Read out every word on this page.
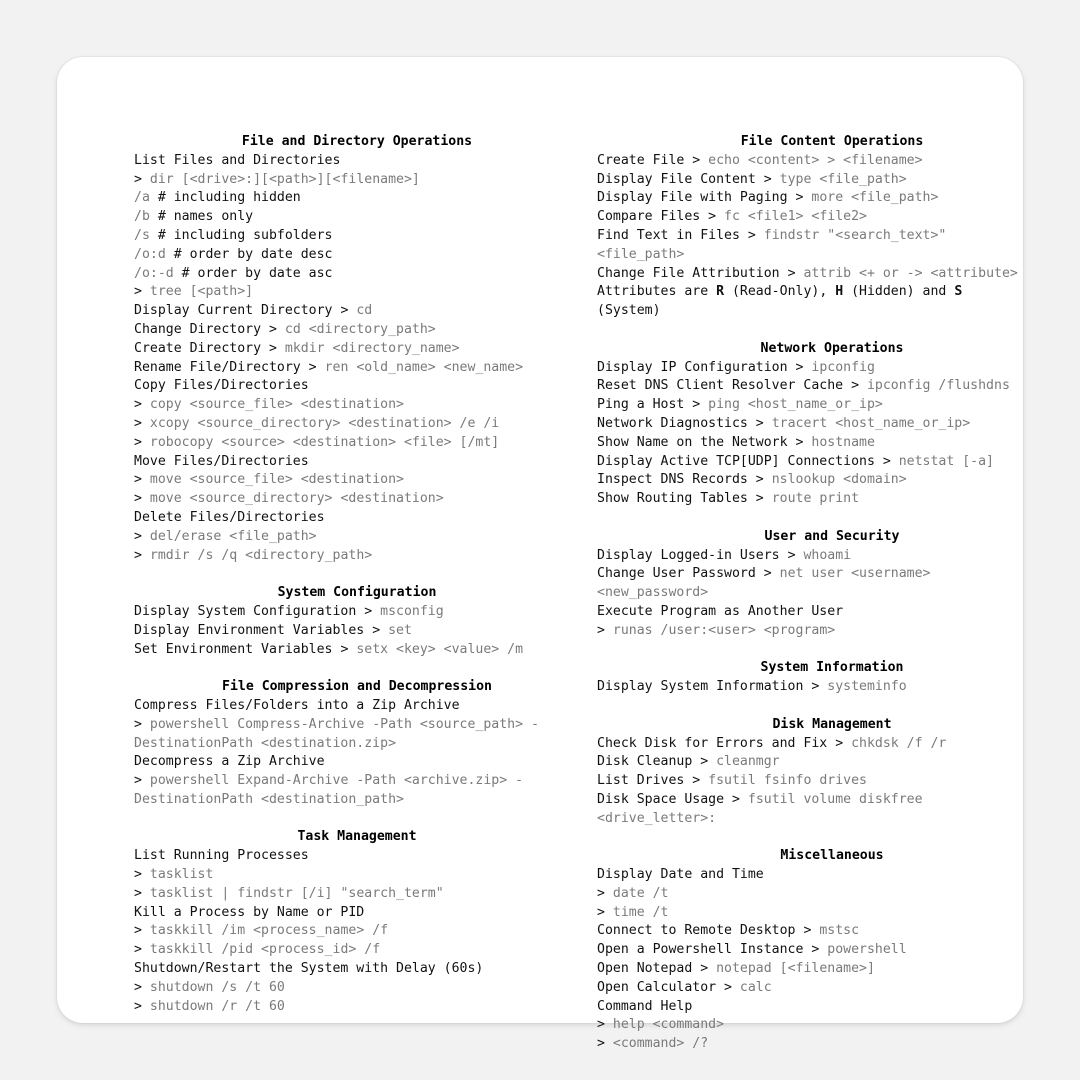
File and Directory Operations
List Files and Directories
> dir [<drive>:][<path>][<filename>]
/a # including hidden
/b # names only
/s # including subfolders
/o:d # order by date desc
/o:-d # order by date asc
> tree [<path>]
Display Current Directory > cd
Change Directory > cd <directory_path>
Create Directory > mkdir <directory_name>
Rename File/Directory > ren <old_name> <new_name>
Copy Files/Directories
> copy <source_file> <destination>
> xcopy <source_directory> <destination> /e /i
> robocopy <source> <destination> <file> [/mt]
Move Files/Directories
> move <source_file> <destination>
> move <source_directory> <destination>
Delete Files/Directories
> del/erase <file_path>
> rmdir /s /q <directory_path>
System Configuration
Display System Configuration > msconfig
Display Environment Variables > set
Set Environment Variables > setx <key> <value> /m
File Compression and Decompression
Compress Files/Folders into a Zip Archive
> powershell Compress-Archive -Path <source_path> -
DestinationPath <destination.zip>
Decompress a Zip Archive
> powershell Expand-Archive -Path <archive.zip> -
DestinationPath <destination_path>
Task Management
List Running Processes
> tasklist
> tasklist | findstr [/i] "search_term"
Kill a Process by Name or PID
> taskkill /im <process_name> /f
> taskkill /pid <process_id> /f
Shutdown/Restart the System with Delay (60s)
> shutdown /s /t 60
> shutdown /r /t 60
File Content Operations
Create File > echo <content> > <filename>
Display File Content > type <file_path>
Display File with Paging > more <file_path>
Compare Files > fc <file1> <file2>
Find Text in Files > findstr "<search_text>"
<file_path>
Change File Attribution > attrib <+ or -> <attribute>
Attributes are R (Read-Only), H (Hidden) and S
(System)
Network Operations
Display IP Configuration > ipconfig
Reset DNS Client Resolver Cache > ipconfig /flushdns
Ping a Host > ping <host_name_or_ip>
Network Diagnostics > tracert <host_name_or_ip>
Show Name on the Network > hostname
Display Active TCP[UDP] Connections > netstat [-a]
Inspect DNS Records > nslookup <domain>
Show Routing Tables > route print
User and Security
Display Logged-in Users > whoami
Change User Password > net user <username>
<new_password>
Execute Program as Another User
> runas /user:<user> <program>
System Information
Display System Information > systeminfo
Disk Management
Check Disk for Errors and Fix > chkdsk /f /r
Disk Cleanup > cleanmgr
List Drives > fsutil fsinfo drives
Disk Space Usage > fsutil volume diskfree
<drive_letter>:
Miscellaneous
Display Date and Time
> date /t
> time /t
Connect to Remote Desktop > mstsc
Open a Powershell Instance > powershell
Open Notepad > notepad [<filename>]
Open Calculator > calc
Command Help
> help <command>
> <command> /?
